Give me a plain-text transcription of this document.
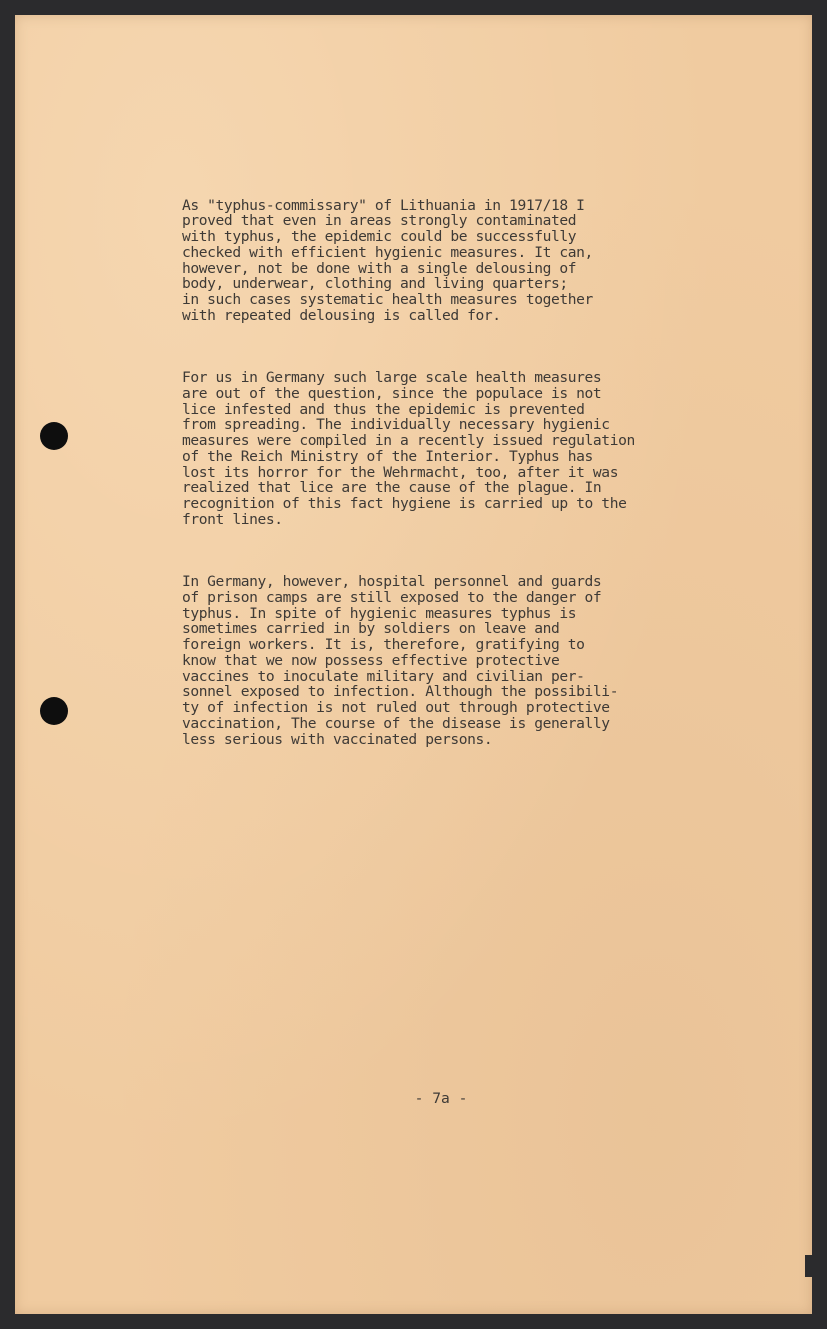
As "typhus-commissary" of Lithuania in 1917/18 I
proved that even in areas strongly contaminated
with typhus, the epidemic could be successfully
checked with efficient hygienic measures. It can,
however, not be done with a single delousing of
body, underwear, clothing and living quarters;
in such cases systematic health measures together
with repeated delousing is called for.

For us in Germany such large scale health measures
are out of the question, since the populace is not
lice infested and thus the epidemic is prevented
from spreading. The individually necessary hygienic
measures were compiled in a recently issued regulation
of the Reich Ministry of the Interior. Typhus has
lost its horror for the Wehrmacht, too, after it was
realized that lice are the cause of the plague. In
recognition of this fact hygiene is carried up to the
front lines.

In Germany, however, hospital personnel and guards
of prison camps are still exposed to the danger of
typhus. In spite of hygienic measures typhus is
sometimes carried in by soldiers on leave and
foreign workers. It is, therefore, gratifying to
know that we now possess effective protective
vaccines to inoculate military and civilian per-
sonnel exposed to infection. Although the possibili-
ty of infection is not ruled out through protective
vaccination, The course of the disease is generally
less serious with vaccinated persons.

- 7a -
